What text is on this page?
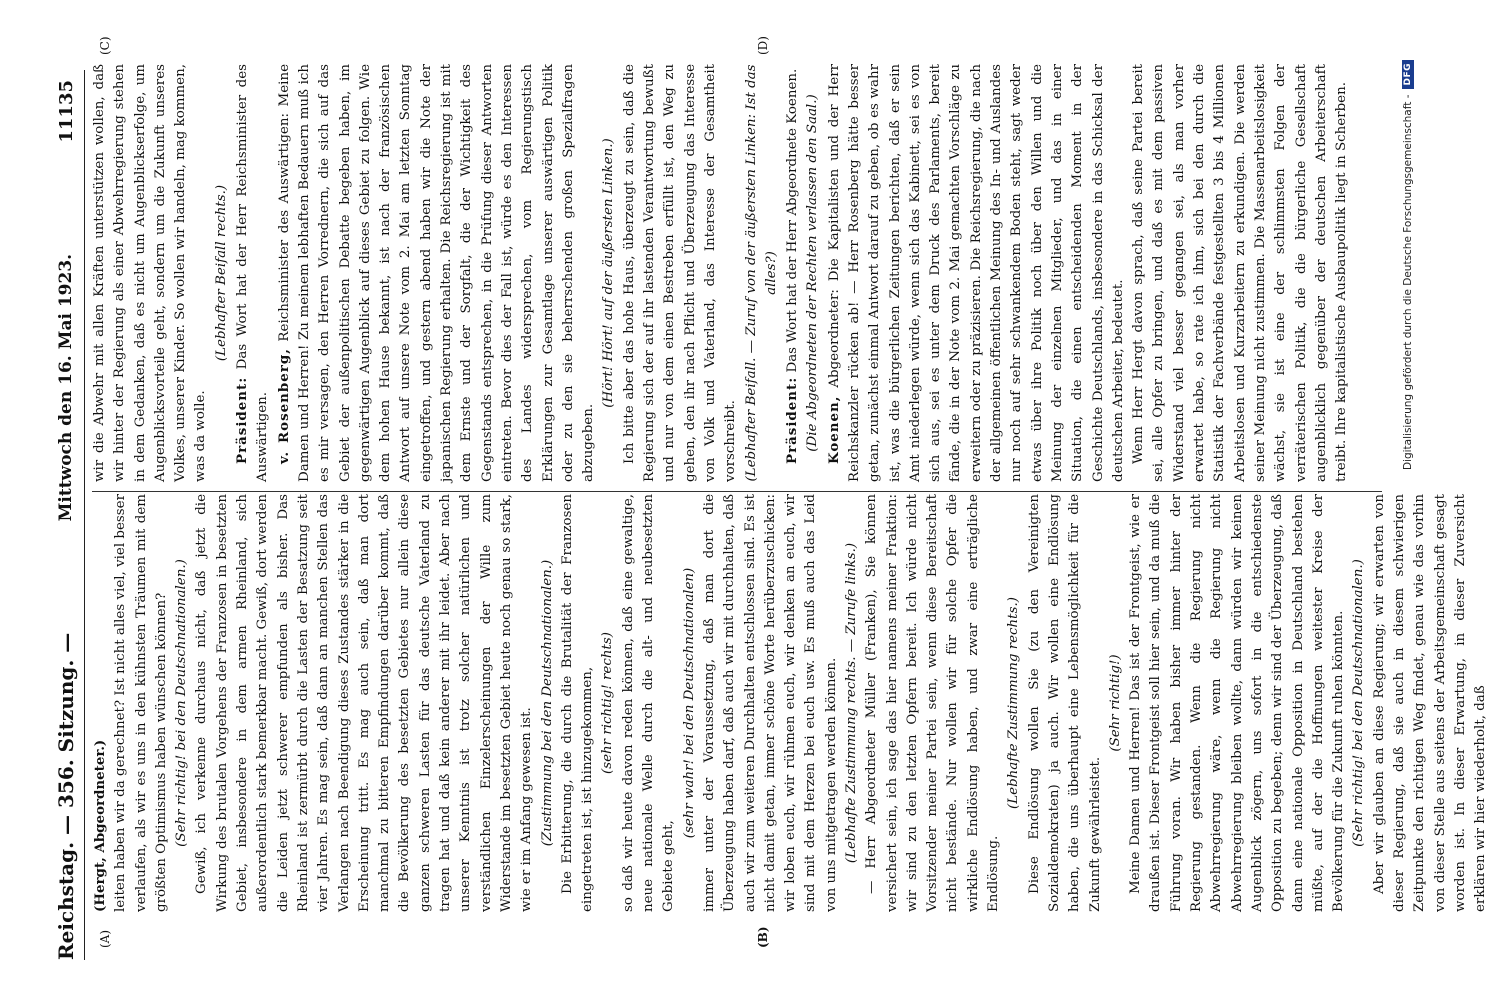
Reichstag. — 356. Sitzung. —
Mittwoch den 16. Mai 1923.
11135
(A)	(B)
(C)	(D)

(Hergt, Abgeordneter.) leiten haben wir da gerechnet? Ist nicht alles viel, viel besser verlaufen, als wir es uns in den kühnsten Träumen mit dem größten Optimismus haben wünschen können? (Sehr richtig! bei den Deutschnationalen.) Gewiß, ich verkenne durchaus nicht, daß jetzt die Wirkung des brutalen Vorgehens der Franzosen in besetzten Gebiet, insbesondere in dem armen Rheinland, sich außerordentlich stark bemerkbar macht. Gewiß, dort werden die Leiden jetzt schwerer empfunden als bisher. Das Rheinland ist zermürbt durch die Lasten der Besatzung seit vier Jahren. Es mag sein, daß dann an manchen Stellen das Verlangen nach Beendigung dieses Zustandes stärker in die Erscheinung tritt. Es mag auch sein, daß man dort manchmal zu bitteren Empfindungen darüber kommt, daß die Bevölkerung des besetzten Gebietes nur allein diese ganzen schweren Lasten für das deutsche Vaterland zu tragen hat und daß kein anderer mit ihr leidet. Aber nach unserer Kenntnis ist trotz solcher natürlichen und verständlichen Einzelerscheinungen der Wille zum Widerstande im besetzten Gebiet heute noch genau so stark, wie er im Anfang gewesen ist. (Zustimmung bei den Deutschnationalen.) Die Erbitterung, die durch die Brutalität der Franzosen eingetreten ist, ist hinzugekommen, (sehr richtig! rechts) so daß wir heute davon reden können, daß eine gewaltige, neue nationale Welle durch die alt- und neubesetzten Gebiete geht,

(sehr wahr! bei den Deutschnationalen) immer unter der Voraussetzung, daß man dort die Überzeugung haben darf, daß auch wir mit durchhalten, daß auch wir zum weiteren Durchhalten entschlossen sind. Es ist nicht damit getan, immer schöne Worte herüberzuschicken: wir loben euch, wir rühmen euch, wir denken an euch, wir sind mit dem Herzen bei euch usw. Es muß auch das Leid von uns mitgetragen werden können. (Lebhafte Zustimmung rechts. — Zurufe links.) — Herr Abgeordneter Müller (Franken), Sie können versichert sein, ich sage das hier namens meiner Fraktion: wir sind zu den letzten Opfern bereit. Ich würde nicht Vorsitzender meiner Partei sein, wenn diese Bereitschaft nicht bestände. Nur wollen wir für solche Opfer die wirkliche Endlösung haben, und zwar eine erträgliche Endlösung.

(Lebhafte Zustimmung rechts.) Diese Endlösung wollen Sie (zu den Vereinigten Sozialdemokraten) ja auch. Wir wollen eine Endlösung haben, die uns überhaupt eine Lebensmöglichkeit für die Zukunft gewährleistet.

(Sehr richtig!) Meine Damen und Herren! Das ist der Frontgeist, wie er draußen ist. Dieser Frontgeist soll hier sein, und da muß die Führung voran. Wir haben bisher immer hinter der Regierung gestanden. Wenn die Regierung nicht Abwehrregierung wäre, wenn die Regierung nicht Abwehrregierung bleiben wollte, dann würden wir keinen Augenblick zögern, uns sofort in die entschiedenste Opposition zu begeben; denn wir sind der Überzeugung, daß dann eine nationale Opposition in Deutschland bestehen müßte, auf der die Hoffnungen weitester Kreise der Bevölkerung für die Zukunft ruhen könnten. (Sehr richtig! bei den Deutschnationalen.) Aber wir glauben an diese Regierung; wir erwarten von dieser Regierung, daß sie auch in diesem schwierigen Zeitpunkte den richtigen Weg findet, genau wie das vorhin von dieser Stelle aus seitens der Arbeitsgemeinschaft gesagt worden ist. In dieser Erwartung, in dieser Zuversicht erklären wir hier wiederholt, daß

wir die Abwehr mit allen Kräften unterstützen wollen, daß wir hinter der Regierung als einer Abwehrregierung stehen in dem Gedanken, daß es nicht um Augenblickserfolge, um Augenblicksvorteile geht, sondern um die Zukunft unseres Volkes, unserer Kinder. So wollen wir handeln, mag kommen, was da wolle.

(Lebhafter Beifall rechts.)

Präsident: Das Wort hat der Herr Reichsminister des Auswärtigen. v. Rosenberg, Reichsminister des Auswärtigen: Meine Damen und Herren! Zu meinem lebhaften Bedauern muß ich es mir versagen, den Herren Vorrednern, die sich auf das Gebiet der außenpolitischen Debatte begeben haben, im gegenwärtigen Augenblick auf dieses Gebiet zu folgen. Wie dem hohen Hause bekannt, ist nach der französischen Antwort auf unsere Note vom 2. Mai am letzten Sonntag eingetroffen, und gestern abend haben wir die Note der japanischen Regierung erhalten. Die Reichsregierung ist mit dem Ernste und der Sorgfalt, die der Wichtigkeit des Gegenstands entsprechen, in die Prüfung dieser Antworten eintreten. Bevor dies der Fall ist, würde es den Interessen des Landes widersprechen, vom Regierungstisch Erklärungen zur Gesamtlage unserer auswärtigen Politik oder zu den sie beherrschenden großen Spezialfragen abzugeben.

(Hört! Hört! auf der äußersten Linken.) Ich bitte aber das hohe Haus, überzeugt zu sein, daß die Regierung sich der auf ihr lastenden Verantwortung bewußt und nur von dem einen Bestreben erfüllt ist, den Weg zu gehen, den ihr nach Pflicht und Überzeugung das Interesse von Volk und Vaterland, das Interesse der Gesamtheit vorschreibt. (Lebhafter Beifall. — Zuruf von der äußersten Linken: Ist das alles?)

Präsident: Das Wort hat der Herr Abgeordnete Koenen. (Die Abgeordneten der Rechten verlassen den Saal.) Koenen, Abgeordneter: Die Kapitalisten und der Herr Reichskanzler rücken ab! — Herr Rosenberg hätte besser getan, zunächst einmal Antwort darauf zu geben, ob es wahr ist, was die bürgerlichen Zeitungen berichten, daß er sein Amt niederlegen würde, wenn sich das Kabinett, sei es von sich aus, sei es unter dem Druck des Parlaments, bereit fände, die in der Note vom 2. Mai gemachten Vorschläge zu erweitern oder zu präzisieren. Die Reichsregierung, die nach der allgemeinen öffentlichen Meinung des In- und Auslandes nur noch auf sehr schwankendem Boden steht, sagt weder etwas über ihre Politik noch über den Willen und die Meinung der einzelnen Mitglieder, und das in einer Situation, die einen entscheidenden Moment in der Geschichte Deutschlands, insbesondere in das Schicksal der deutschen Arbeiter, bedeutet. Wenn Herr Hergt davon sprach, daß seine Partei bereit sei, alle Opfer zu bringen, und daß es mit dem passiven Widerstand viel besser gegangen sei, als man vorher erwartet habe, so rate ich ihm, sich bei den durch die Statistik der Fachverbände festgestellten 3 bis 4 Millionen Arbeitslosen und Kurzarbeitern zu erkundigen. Die werden seiner Meinung nicht zustimmen. Die Massenarbeitslosigkeit wächst, sie ist eine der schlimmsten Folgen der verräterischen Politik, die die bürgerliche Gesellschaft augenblicklich gegenüber der deutschen Arbeiterschaft treibt. Ihre kapitalistische Ausbaupolitik liegt in Scherben.	Digitalisierung gefördert durch die Deutsche Forschungsgemeinschaft -
DFG
